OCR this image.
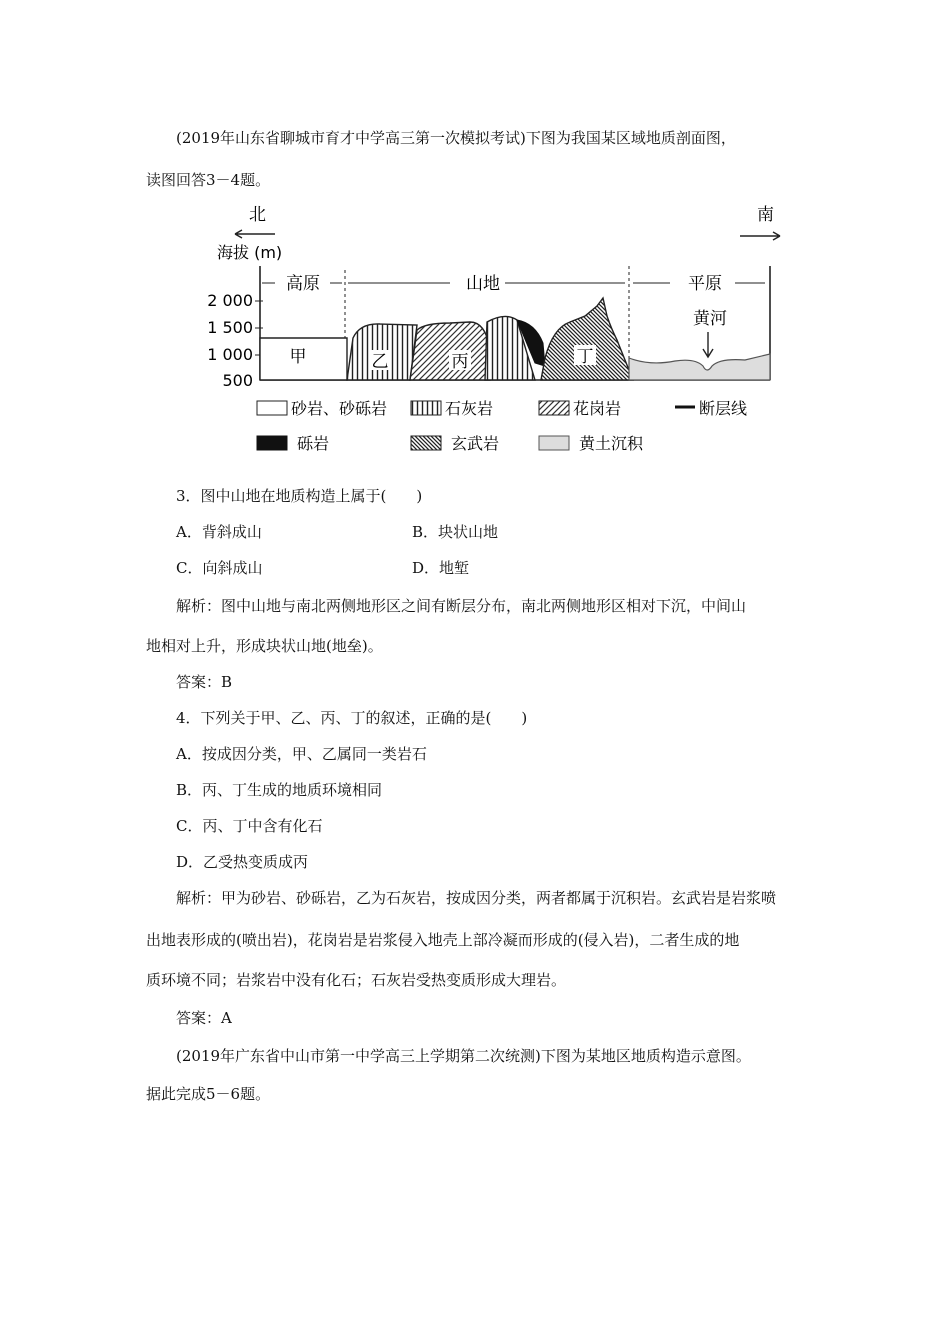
(2019年山东省聊城市育才中学高三第一次模拟考试)下图为我国某区域地质剖面图，
读图回答3－4题。
北	南
海拔 (m)
2 000
1 500
1 000
500
高原	山地	平原
甲	乙	丙	丁
黄河
砂岩、砂砾岩	石灰岩	花岗岩	断层线
砾岩	玄武岩	黄土沉积
3．图中山地在地质构造上属于(　　)
A．背斜成山	B．块状山地
C．向斜成山	D．地堑
解析：图中山地与南北两侧地形区之间有断层分布，南北两侧地形区相对下沉，中间山
地相对上升，形成块状山地(地垒)。
答案：B
4．下列关于甲、乙、丙、丁的叙述，正确的是(　　)
A．按成因分类，甲、乙属同一类岩石
B．丙、丁生成的地质环境相同
C．丙、丁中含有化石
D．乙受热变质成丙
解析：甲为砂岩、砂砾岩，乙为石灰岩，按成因分类，两者都属于沉积岩。玄武岩是岩浆喷
出地表形成的(喷出岩)，花岗岩是岩浆侵入地壳上部冷凝而形成的(侵入岩)，二者生成的地
质环境不同；岩浆岩中没有化石；石灰岩受热变质形成大理岩。
答案：A
(2019年广东省中山市第一中学高三上学期第二次统测)下图为某地区地质构造示意图。
据此完成5－6题。
